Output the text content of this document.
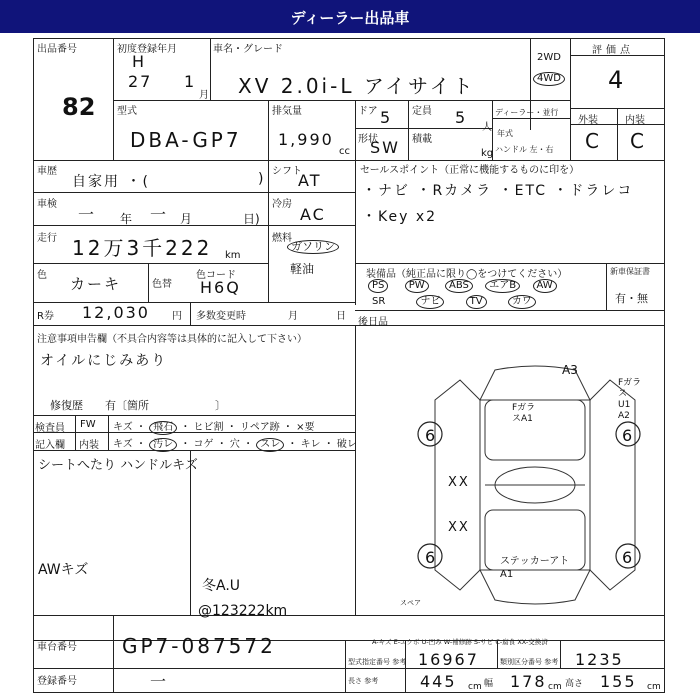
ディーラー出品車
出品番号
82
初度登録年月
H
27 1
月
車名・グレード
XV 2.0i-L アイサイト
2WD
4WD
評価点
4
外装	内装
C C
型式
DBA-GP7
排気量
1,990
cc
ドア 5 定員 5
人
形状
SW 積載
kg
ディーラー・並行
年式
ハンドル 左・右
車歴
自家用 ・(	) シフト
AT
車検
一 年 一 月	日)
冷房
AC
走行 12万3千222 km
燃料
ガソリン
軽油
色 カーキ	色替
色コード
H6Q
R券 12,030 円 多数変更時	月	日
セールスポイント（正常に機能するものに印を）
・ナビ ・Rカメラ ・ETC ・ドラレコ
・Key x2
装備品（純正品に限り◯をつけてください）
PS PW ABS エアB AW
SR	ナビ	TV	カワ
新車保証書
有・無
後日品
注意事項申告欄（不具合内容等は具体的に記入して下さい）
オイルにじみあり
修復歴　　有〔箇所　　　　　　〕
検査員 FW キズ ・ 飛石 ・ ヒビ割 ・ リペア跡 ・ ×要
記入欄 内装 キズ ・ 汚レ ・ コゲ ・ 穴 ・ スレ ・ キレ ・ 破レ
シートへたり ハンドルキズ
AWキズ
冬A.U
@123222km
A3
FガラスA1
Fガラス U1 A2
6	6
6	6
XX
XX
ステッカーアトA1
スペア
A-キズ E-エクボ U-凹み W-補修跡 S-サビ C-腐食 XX-交換済
車台番号 GP7-087572
登録番号	一
型式指定番号 参考 16967	類別区分番号 参考 1235
長さ 参考	445 cm 幅 178 cm 高さ 155 cm
